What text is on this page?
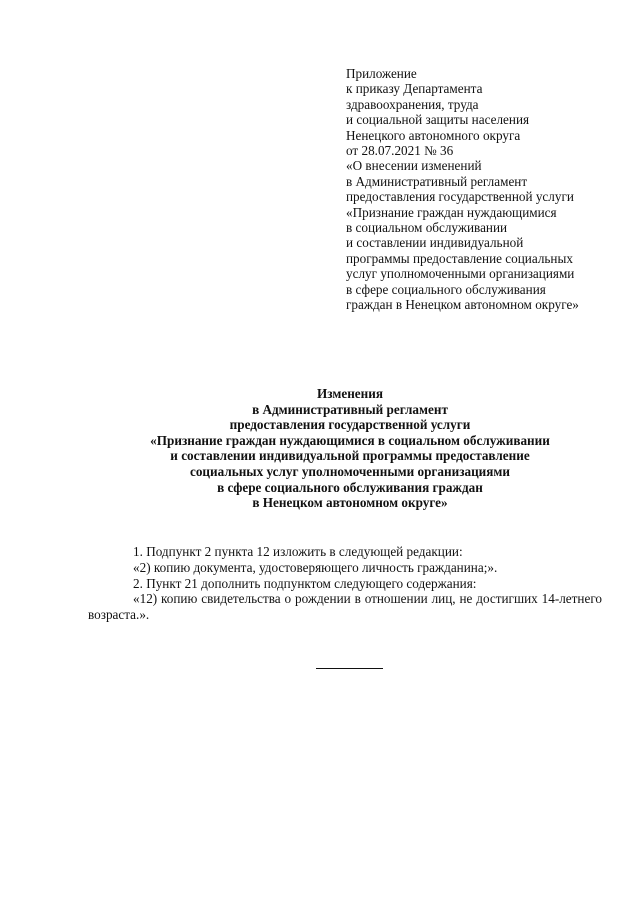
Приложение
к приказу Департамента
здравоохранения, труда
и социальной защиты населения
Ненецкого автономного округа
от 28.07.2021 № 36
«О внесении изменений
в Административный регламент
предоставления государственной услуги
«Признание граждан нуждающимися
в социальном обслуживании
и составлении индивидуальной
программы предоставление социальных
услуг уполномоченными организациями
в сфере социального обслуживания
граждан в Ненецком автономном округе»
Изменения
в Административный регламент
предоставления государственной услуги
«Признание граждан нуждающимися в социальном обслуживании
и составлении индивидуальной программы предоставление
социальных услуг уполномоченными организациями
в сфере социального обслуживания граждан
в Ненецком автономном округе»

1. Подпункт 2 пункта 12 изложить в следующей редакции:

«2) копию документа, удостоверяющего личность гражданина;».

2. Пункт 21 дополнить подпунктом следующего содержания:

«12) копию свидетельства о рождении в отношении лиц, не достигших 14-летнего возраста.».
